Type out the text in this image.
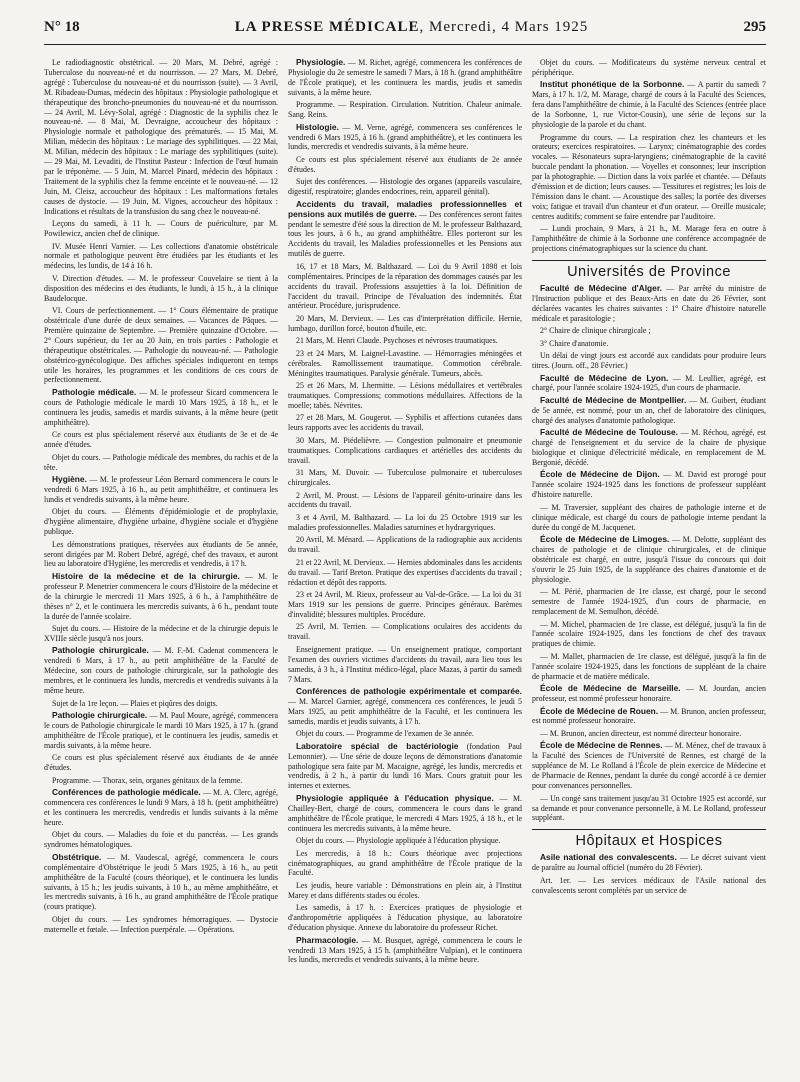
N° 18	LA PRESSE MÉDICALE, Mercredi, 4 Mars 1925	295

Le radiodiagnostic obstétrical. — 20 Mars, M. Debré, agrégé : Tuberculose du nouveau-né et du nourrisson. — 27 Mars, M. Debré, agrégé : Tuberculose du nouveau-né et du nourrisson (suite). — 3 Avril, M. Ribadeau-Dumas, médecin des hôpitaux : Physiologie pathologique et thérapeutique des broncho-pneumonies du nouveau-né et du nourrisson. — 24 Avril, M. Lévy-Solal, agrégé : Diagnostic de la syphilis chez le nouveau-né. — 8 Mai, M. Devraigne, accoucheur des hôpitaux : Physiologie normale et pathologique des prématurés. — 15 Mai, M. Milian, médecin des hôpitaux : Le mariage des syphilitiques. — 22 Mai, M. Milian, médecin des hôpitaux : Le mariage des syphilitiques (suite). — 29 Mai, M. Levaditi, de l'Institut Pasteur : Infection de l'œuf humain par le tréponème. — 5 Juin, M. Marcel Pinard, médecin des hôpitaux : Traitement de la syphilis chez la femme enceinte et le nouveau-né. — 12 Juin, M. Cleisz, accoucheur des hôpitaux : Les malformations fœtales causes de dystocie. — 19 Juin, M. Vignes, accoucheur des hôpitaux : Indications et résultats de la transfusion du sang chez le nouveau-né.

Leçons du samedi, à 11 h. — Cours de puériculture, par M. Powilewicz, ancien chef de clinique.

IV. Musée Henri Varnier. — Les collections d'anatomie obstétricale normale et pathologique peuvent être étudiées par les étudiants et les médecins, les lundis, de 14 à 16 h.

V. Direction d'études. — M. le professeur Couvelaire se tient à la disposition des médecins et des étudiants, le lundi, à 15 h., à la clinique Baudelocque.

VI. Cours de perfectionnement. — 1° Cours élémentaire de pratique obstétricale d'une durée de deux semaines. — Vacances de Pâques. — Première quinzaine de Septembre. — Première quinzaine d'Octobre. — 2° Cours supérieur, du 1er au 20 Juin, en trois parties : Pathologie et thérapeutique obstétricales. — Pathologie du nouveau-né. — Pathologie obstétrico-gynécologique. Des affiches spéciales indiqueront en temps utile les horaires, les programmes et les conditions de ces cours de perfectionnement.

Pathologie médicale. — M. le professeur Sicard commencera le cours de Pathologie médicale le mardi 10 Mars 1925, à 18 h., et le continuera les jeudis, samedis et mardis suivants, à la même heure (petit amphithéâtre).

Ce cours est plus spécialement réservé aux étudiants de 3e et de 4e année d'études.

Objet du cours. — Pathologie médicale des membres, du rachis et de la tête.

Hygiène. — M. le professeur Léon Bernard commencera le cours le vendredi 6 Mars 1925, à 16 h., au petit amphithéâtre, et continuera les lundis et vendredis suivants, à la même heure.

Objet du cours. — Éléments d'épidémiologie et de prophylaxie, d'hygiène alimentaire, d'hygiène urbaine, d'hygiène sociale et d'hygiène publique.

Les démonstrations pratiques, réservées aux étudiants de 5e année, seront dirigées par M. Robert Debré, agrégé, chef des travaux, et auront lieu au laboratoire d'Hygiène, les mercredis et vendredis, à 17 h.

Histoire de la médecine et de la chirurgie. — M. le professeur P. Menetrier commencera le cours d'Histoire de la médecine et de la chirurgie le mercredi 11 Mars 1925, à 6 h., à l'amphithéâtre de thèses n° 2, et le continuera les mercredis suivants, à 6 h., pendant toute la durée de l'année scolaire.

Sujet du cours. — Histoire de la médecine et de la chirurgie depuis le XVIIIe siècle jusqu'à nos jours.

Pathologie chirurgicale. — M. F.-M. Cadenat commencera le vendredi 6 Mars, à 17 h., au petit amphithéâtre de la Faculté de Médecine, son cours de pathologie chirurgicale, sur la pathologie des membres, et le continuera les lundis, mercredis et vendredis suivants à la même heure.

Sujet de la 1re leçon. — Plaies et piqûres des doigts.

Pathologie chirurgicale. — M. Paul Moure, agrégé, commencera le cours de Pathologie chirurgicale le mardi 10 Mars 1925, à 17 h. (grand amphithéâtre de l'École pratique), et le continuera les jeudis, samedis et mardis suivants, à la même heure.

Ce cours est plus spécialement réservé aux étudiants de 4e année d'études.

Programme. — Thorax, sein, organes génitaux de la femme.

Conférences de pathologie médicale. — M. A. Clerc, agrégé, commencera ces conférences le lundi 9 Mars, à 18 h. (petit amphithéâtre) et les continuera les mercredis, vendredis et lundis suivants à la même heure.

Objet du cours. — Maladies du foie et du pancréas. — Les grands syndromes hématologiques.

Obstétrique. — M. Vaudescal, agrégé, commencera le cours complémentaire d'Obstétrique le jeudi 5 Mars 1925, à 16 h., au petit amphithéâtre de la Faculté (cours théorique), et le continuera les lundis suivants, à 15 h.; les jeudis suivants, à 10 h., au même amphithéâtre, et les mercredis suivants, à 16 h., au grand amphithéâtre de l'École pratique (cours pratique).

Objet du cours. — Les syndromes hémorragiques. — Dystocie maternelle et fœtale. — Infection puerpérale. — Opérations.

Physiologie. — M. Richet, agrégé, commencera les conférences de Physiologie du 2e semestre le samedi 7 Mars, à 18 h. (grand amphithéâtre de l'École pratique), et les continuera les mardis, jeudis et samedis suivants, à la même heure.

Programme. — Respiration. Circulation. Nutrition. Chaleur animale. Sang. Reins.

Histologie. — M. Verne, agrégé, commencera ses conférences le vendredi 6 Mars 1925, à 16 h. (grand amphithéâtre), et les continuera les lundis, mercredis et vendredis suivants, à la même heure.

Ce cours est plus spécialement réservé aux étudiants de 2e année d'études.

Sujet des conférences. — Histologie des organes (appareils vasculaire, digestif, respiratoire; glandes endocrines, rein, appareil génital).

Accidents du travail, maladies professionnelles et pensions aux mutilés de guerre. — Des conférences seront faites pendant le semestre d'été sous la direction de M. le professeur Balthazard, tous les jours, à 6 h., au grand amphithéâtre. Elles porteront sur les Accidents du travail, les Maladies professionnelles et les Pensions aux mutilés de guerre.

16, 17 et 18 Mars, M. Balthazard. — Loi du 9 Avril 1898 et lois complémentaires. Principes de la réparation des dommages causés par les accidents du travail. Professions assujetties à la loi. Définition de l'accident du travail. Principe de l'évaluation des indemnités. État antérieur. Procédure, jurisprudence.

20 Mars, M. Dervieux. — Les cas d'interprétation difficile. Hernie, lumbago, durillon forcé, bouton d'huile, etc.

21 Mars, M. Henri Claude. Psychoses et névroses traumatiques.

23 et 24 Mars, M. Laignel-Lavastine. — Hémorragies méningées et cérébrales. Ramollissement traumatique. Commotion cérébrale. Méningites traumatiques. Paralysie générale. Tumeurs, abcès.

25 et 26 Mars, M. Lhermitte. — Lésions médullaires et vertébrales traumatiques. Compressions; commotions médullaires. Affections de la moelle; tabès. Névrites.

27 et 28 Mars, M. Gougerot. — Syphilis et affections cutanées dans leurs rapports avec les accidents du travail.

30 Mars, M. Piédelièvre. — Congestion pulmonaire et pneumonie traumatiques. Complications cardiaques et artérielles des accidents du travail.

31 Mars, M. Duvoir. — Tuberculose pulmonaire et tuberculoses chirurgicales.

2 Avril, M. Proust. — Lésions de l'appareil génito-urinaire dans les accidents du travail.

3 et 4 Avril, M. Balthazard. — La loi du 25 Octobre 1919 sur les maladies professionnelles. Maladies saturnines et hydrargyriques.

20 Avril, M. Ménard. — Applications de la radiographie aux accidents du travail.

21 et 22 Avril, M. Dervieux. — Hernies abdominales dans les accidents du travail. — Tarif Breton. Pratique des expertises d'accidents du travail ; rédaction et dépôt des rapports.

23 et 24 Avril, M. Rieux, professeur au Val-de-Grâce. — La loi du 31 Mars 1919 sur les pensions de guerre. Principes généraux. Barèmes d'invalidité; blessures multiples. Procédure.

25 Avril, M. Terrien. — Complications oculaires des accidents du travail.

Enseignement pratique. — Un enseignement pratique, comportant l'examen des ouvriers victimes d'accidents du travail, aura lieu tous les samedis, à 3 h., à l'Institut médico-légal, place Mazas, à partir du samedi 7 Mars.

Conférences de pathologie expérimentale et comparée. — M. Marcel Garnier, agrégé, commencera ces conférences, le jeudi 5 Mars 1925, au petit amphithéâtre de la Faculté, et les continuera les samedis, mardis et jeudis suivants, à 17 h.

Objet du cours. — Programme de l'examen de 3e année.

Laboratoire spécial de bactériologie (fondation Paul Lemonnier). — Une série de douze leçons de démonstrations d'anatomie pathologique sera faite par M. Macaigne, agrégé, les lundis, mercredis et vendredis, à 2 h., à partir du lundi 16 Mars. Cours gratuit pour les internes et externes.

Physiologie appliquée à l'éducation physique. — M. Chailley-Bert, chargé de cours, commencera le cours dans le grand amphithéâtre de l'École pratique, le mercredi 4 Mars 1925, à 18 h., et le continuera les mercredis suivants, à la même heure.

Objet du cours. — Physiologie appliquée à l'éducation physique.

Les mercredis, à 18 h.: Cours théorique avec projections cinématographiques, au grand amphithéâtre de l'École pratique de la Faculté.

Les jeudis, heure variable : Démonstrations en plein air, à l'Institut Marey et dans différents stades ou écoles.

Les samedis, à 17 h. : Exercices pratiques de physiologie et d'anthropométrie appliquées à l'éducation physique, au laboratoire d'éducation physique. Annexe du laboratoire du professeur Richet.

Pharmacologie. — M. Busquet, agrégé, commencera le cours le vendredi 13 Mars 1925, à 15 h. (amphithéâtre Vulpian), et le continuera les lundis, mercredis et vendredis suivants, à la même heure.

Objet du cours. — Modificateurs du système nerveux central et périphérique.

Institut phonétique de la Sorbonne. — A partir du samedi 7 Mars, à 17 h. 1/2, M. Marage, chargé de cours à la Faculté des Sciences, fera dans l'amphithéâtre de chimie, à la Faculté des Sciences (entrée place de la Sorbonne, 1, rue Victor-Cousin), une série de leçons sur la physiologie de la parole et du chant.

Programme du cours. — La respiration chez les chanteurs et les orateurs; exercices respiratoires. — Larynx; cinématographie des cordes vocales. — Résonateurs supra-laryngiens; cinématographie de la cavité buccale pendant la phonation. — Voyelles et consonnes; leur inscription par la photographie. — Diction dans la voix parlée et chantée. — Défauts d'émission et de diction; leurs causes. — Tessitures et registres; les lois de l'émission dans le chant. — Acoustique des salles; la portée des diverses voix; fatigue et travail d'un chanteur et d'un orateur. — Oreille musicale; centres auditifs; comment se faire entendre par l'auditoire.

— Lundi prochain, 9 Mars, à 21 h., M. Marage fera en outre à l'amphithéâtre de chimie à la Sorbonne une conférence accompagnée de projections cinématographiques sur la science du chant.

Universités de Province

Faculté de Médecine d'Alger. — Par arrêté du ministre de l'Instruction publique et des Beaux-Arts en date du 26 Février, sont déclarées vacantes les chaires suivantes : 1° Chaire d'histoire naturelle médicale et parasitologie ;

2° Chaire de clinique chirurgicale ;

3° Chaire d'anatomie.

Un délai de vingt jours est accordé aux candidats pour produire leurs titres. (Journ. off., 28 Février.)

Faculté de Médecine de Lyon. — M. Leullier, agrégé, est chargé, pour l'année scolaire 1924-1925, d'un cours de pharmacie.

Faculté de Médecine de Montpellier. — M. Guibert, étudiant de 5e année, est nommé, pour un an, chef de laboratoire des cliniques, chargé des analyses d'anatomie pathologique.

Faculté de Médecine de Toulouse. — M. Réchou, agrégé, est chargé de l'enseignement et du service de la chaire de physique biologique et clinique d'électricité médicale, en remplacement de M. Bergonié, décédé.

École de Médecine de Dijon. — M. David est prorogé pour l'année scolaire 1924-1925 dans les fonctions de professeur suppléant d'histoire naturelle.

— M. Traversier, suppléant des chaires de pathologie interne et de clinique médicale, est chargé du cours de pathologie interne pendant la durée du congé de M. Jacquenet.

École de Médecine de Limoges. — M. Delotte, suppléant des chaires de pathologie et de clinique chirurgicales, et de clinique obstétricale est chargé, en outre, jusqu'à l'issue du concours qui doit s'ouvrir le 25 Juin 1925, de la suppléance des chaires d'anatomie et de physiologie.

— M. Périé, pharmacien de 1re classe, est chargé, pour le second semestre de l'année 1924-1925, d'un cours de pharmacie, en remplacement de M. Semulhon, décédé.

— M. Michel, pharmacien de 1re classe, est délégué, jusqu'à la fin de l'année scolaire 1924-1925, dans les fonctions de chef des travaux pratiques de chimie.

— M. Mallet, pharmacien de 1re classe, est délégué, jusqu'à la fin de l'année scolaire 1924-1925, dans les fonctions de suppléant de la chaire de pharmacie et de matière médicale.

École de Médecine de Marseille. — M. Jourdan, ancien professeur, est nommé professeur honoraire.

École de Médecine de Rouen. — M. Brunon, ancien professeur, est nommé professeur honoraire.

— M. Brunon, ancien directeur, est nommé directeur honoraire.

École de Médecine de Rennes. — M. Ménez, chef de travaux à la Faculté des Sciences de l'Université de Rennes, est chargé de la suppléance de M. Le Rolland à l'École de plein exercice de Médecine et de Pharmacie de Rennes, pendant la durée du congé accordé à ce dernier pour convenances personnelles.

— Un congé sans traitement jusqu'au 31 Octobre 1925 est accordé, sur sa demande et pour convenance personnelle, à M. Le Rolland, professeur suppléant.

Hôpitaux et Hospices

Asile national des convalescents. — Le décret suivant vient de paraître au Journal officiel (numéro du 28 Février).

Art. 1er. — Les services médicaux de l'Asile national des convalescents seront complétés par un service de
